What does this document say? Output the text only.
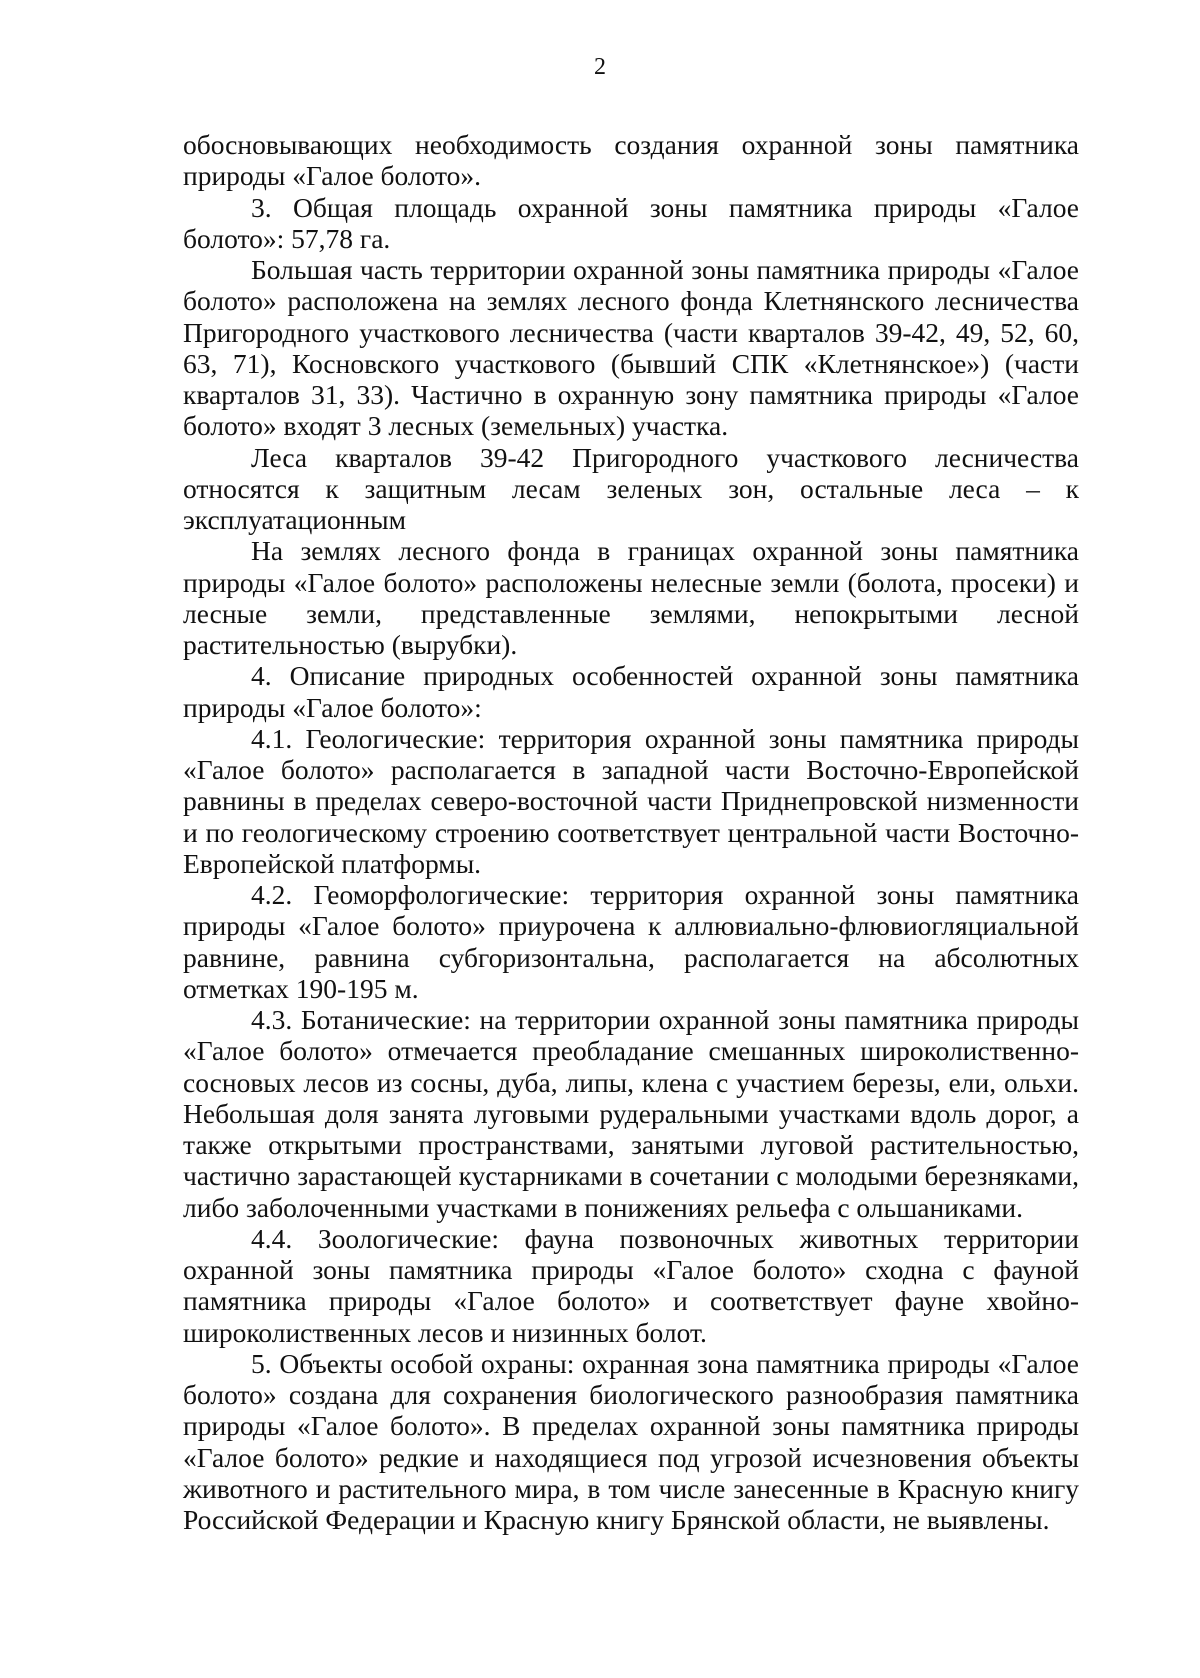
2

обосновывающих необходимость создания охранной зоны памятника природы «Галое болото».

3. Общая площадь охранной зоны памятника природы «Галое болото»: 57,78 га.

Большая часть территории охранной зоны памятника природы «Галое болото» расположена на землях лесного фонда Клетнянского лесничества Пригородного участкового лесничества (части кварталов 39-42, 49, 52, 60, 63, 71), Косновского участкового (бывший СПК «Клетнянское») (части кварталов 31, 33). Частично в охранную зону памятника природы «Галое болото» входят 3 лесных (земельных) участка.

Леса кварталов 39-42 Пригородного участкового лесничества относятся к защитным лесам зеленых зон, остальные леса – к эксплуатационным

На землях лесного фонда в границах охранной зоны памятника природы «Галое болото» расположены нелесные земли (болота, просеки) и лесные земли, представленные землями, непокрытыми лесной растительностью (вырубки).

4. Описание природных особенностей охранной зоны памятника природы «Галое болото»:

4.1. Геологические: территория охранной зоны памятника природы «Галое болото» располагается в западной части Восточно-Европейской равнины в пределах северо-восточной части Приднепровской низменности и по геологическому строению соответствует центральной части Восточно-Европейской платформы.

4.2. Геоморфологические: территория охранной зоны памятника природы «Галое болото» приурочена к аллювиально-флювиогляциальной равнине, равнина субгоризонтальна, располагается на абсолютных отметках 190-195 м.

4.3. Ботанические: на территории охранной зоны памятника природы «Галое болото» отмечается преобладание смешанных широколиственно-сосновых лесов из сосны, дуба, липы, клена с участием березы, ели, ольхи. Небольшая доля занята луговыми рудеральными участками вдоль дорог, а также открытыми пространствами, занятыми луговой растительностью, частично зарастающей кустарниками в сочетании с молодыми березняками, либо заболоченными участками в понижениях рельефа с ольшаниками.

4.4. Зоологические: фауна позвоночных животных территории охранной зоны памятника природы «Галое болото» сходна с фауной памятника природы «Галое болото» и соответствует фауне хвойно-широколиственных лесов и низинных болот.

5. Объекты особой охраны: охранная зона памятника природы «Галое болото» создана для сохранения биологического разнообразия памятника природы «Галое болото». В пределах охранной зоны памятника природы «Галое болото» редкие и находящиеся под угрозой исчезновения объекты животного и растительного мира, в том числе занесенные в Красную книгу Российской Федерации и Красную книгу Брянской области, не выявлены.
